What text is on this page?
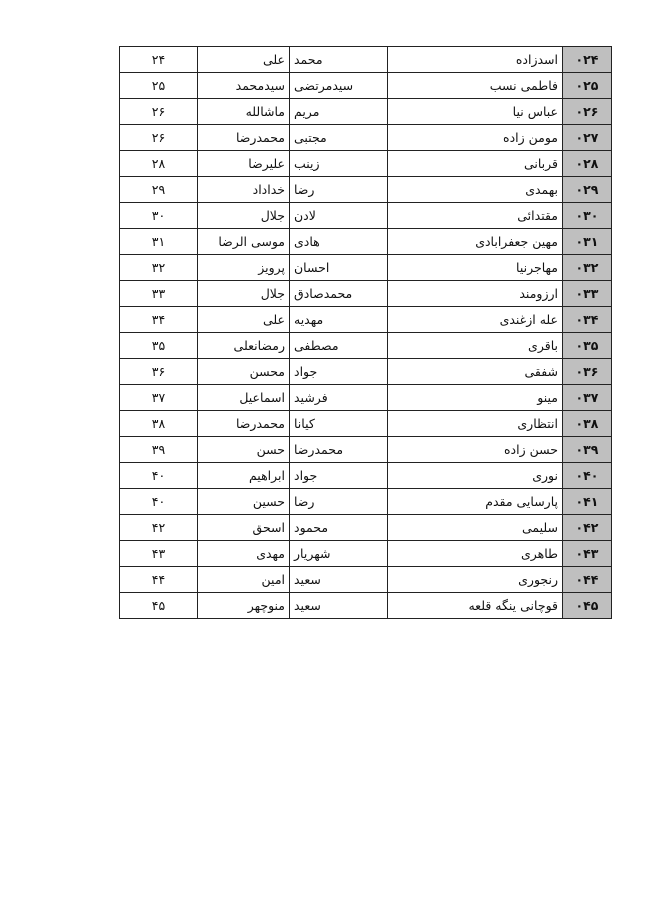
۰۲۴	اسدزاده	محمد	علی	۲۴
۰۲۵	فاطمی نسب	سیدمرتضی	سیدمحمد	۲۵
۰۲۶	عباس نیا	مریم	ماشالله	۲۶
۰۲۷	مومن زاده	مجتبی	محمدرضا	۲۶
۰۲۸	قربانی	زینب	علیرضا	۲۸
۰۲۹	بهمدی	رضا	خداداد	۲۹
۰۳۰	مقتدائی	لادن	جلال	۳۰
۰۳۱	مهین جعفرابادی	هادی	موسی الرضا	۳۱
۰۳۲	مهاجرنیا	احسان	پرویز	۳۲
۰۳۳	ارزومند	محمدصادق	جلال	۳۳
۰۳۴	عله ازغندی	مهدیه	علی	۳۴
۰۳۵	باقری	مصطفی	رمضانعلی	۳۵
۰۳۶	شفقی	جواد	محسن	۳۶
۰۳۷	مینو	فرشید	اسماعیل	۳۷
۰۳۸	انتظاری	کیانا	محمدرضا	۳۸
۰۳۹	حسن زاده	محمدرضا	حسن	۳۹
۰۴۰	نوری	جواد	ابراهیم	۴۰
۰۴۱	پارسایی مقدم	رضا	حسین	۴۰
۰۴۲	سلیمی	محمود	اسحق	۴۲
۰۴۳	طاهری	شهریار	مهدی	۴۳
۰۴۴	رنجوری	سعید	امین	۴۴
۰۴۵	قوچانی ینگه قلعه	سعید	منوچهر	۴۵
